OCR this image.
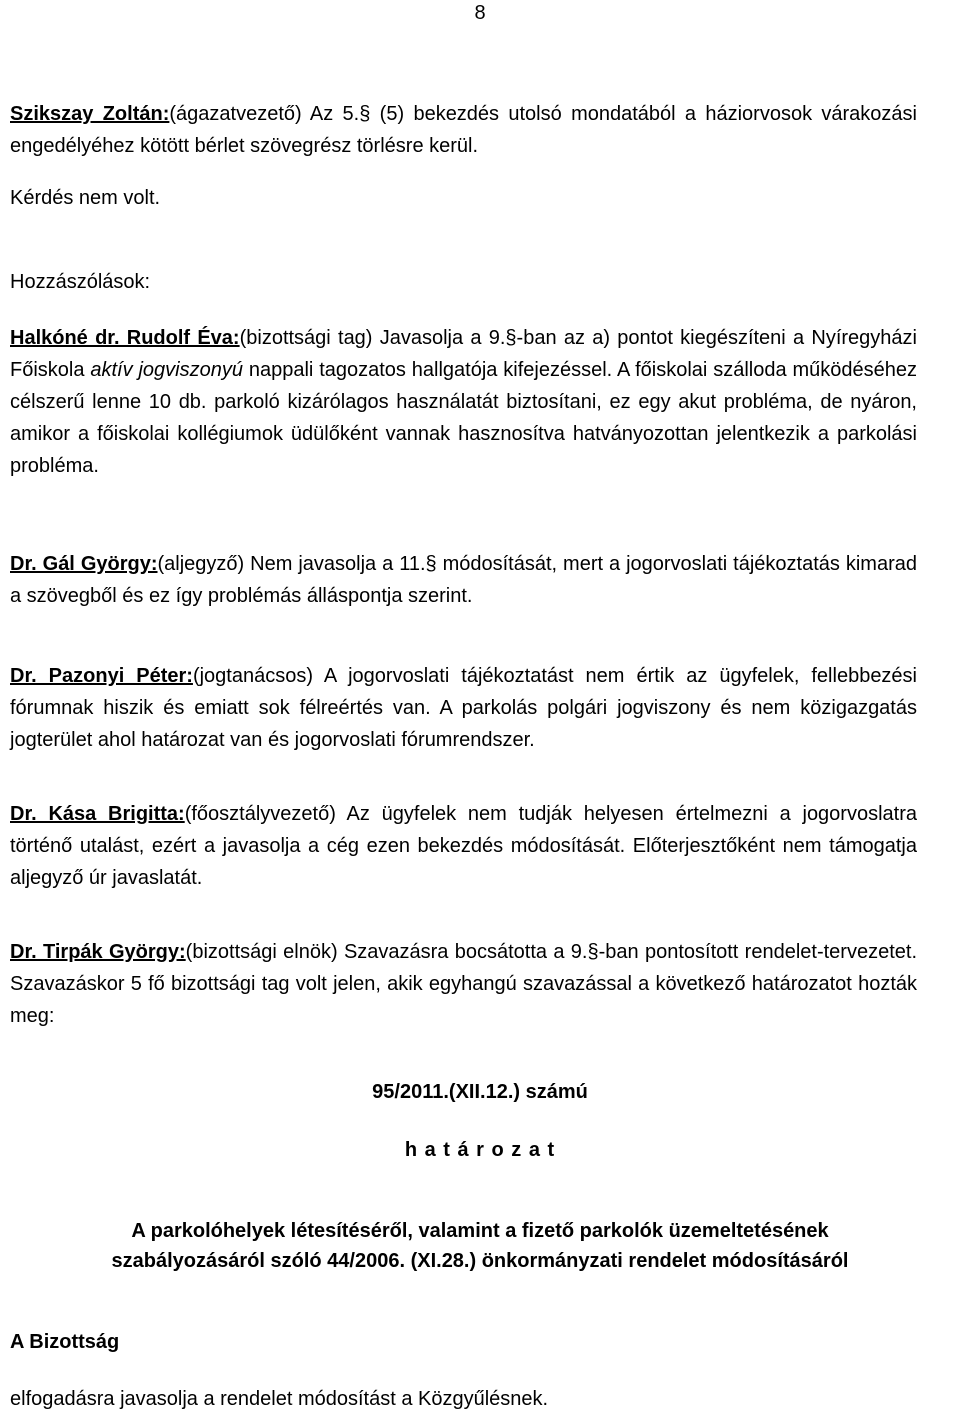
8

Szikszay Zoltán:(ágazatvezető) Az 5.§ (5) bekezdés utolsó mondatából a háziorvosok várakozási engedélyéhez kötött bérlet szövegrész törlésre kerül.

Kérdés nem volt.

Hozzászólások:

Halkóné dr. Rudolf Éva:(bizottsági tag) Javasolja a 9.§-ban az a) pontot kiegészíteni a Nyíregyházi Főiskola aktív jogviszonyú nappali tagozatos hallgatója kifejezéssel. A főiskolai szálloda működéséhez célszerű lenne 10 db. parkoló kizárólagos használatát biztosítani, ez egy akut probléma, de nyáron, amikor a főiskolai kollégiumok üdülőként vannak hasznosítva hatványozottan jelentkezik a parkolási probléma.

Dr. Gál György:(aljegyző) Nem javasolja a 11.§ módosítását, mert a jogorvoslati tájékoztatás kimarad a szövegből és ez így problémás álláspontja szerint.

Dr. Pazonyi Péter:(jogtanácsos) A jogorvoslati tájékoztatást nem értik az ügyfelek, fellebbezési fórumnak hiszik és emiatt sok félreértés van. A parkolás polgári jogviszony és nem közigazgatás jogterület ahol határozat van és jogorvoslati fórumrendszer.

Dr. Kása Brigitta:(főosztályvezető) Az ügyfelek nem tudják helyesen értelmezni a jogorvoslatra történő utalást, ezért a javasolja a cég ezen bekezdés módosítását. Előterjesztőként nem támogatja aljegyző úr javaslatát.

Dr. Tirpák György:(bizottsági elnök) Szavazásra bocsátotta a 9.§-ban pontosított rendelet-tervezetet. Szavazáskor 5 fő bizottsági tag volt jelen, akik egyhangú szavazással a következő határozatot hozták meg:

95/2011.(XII.12.) számú

h a t á r o z a t

A parkolóhelyek létesítéséről, valamint a fizető parkolók üzemeltetésének

szabályozásáról szóló 44/2006. (XI.28.) önkormányzati rendelet módosításáról

A Bizottság

elfogadásra javasolja a rendelet módosítást a Közgyűlésnek.
